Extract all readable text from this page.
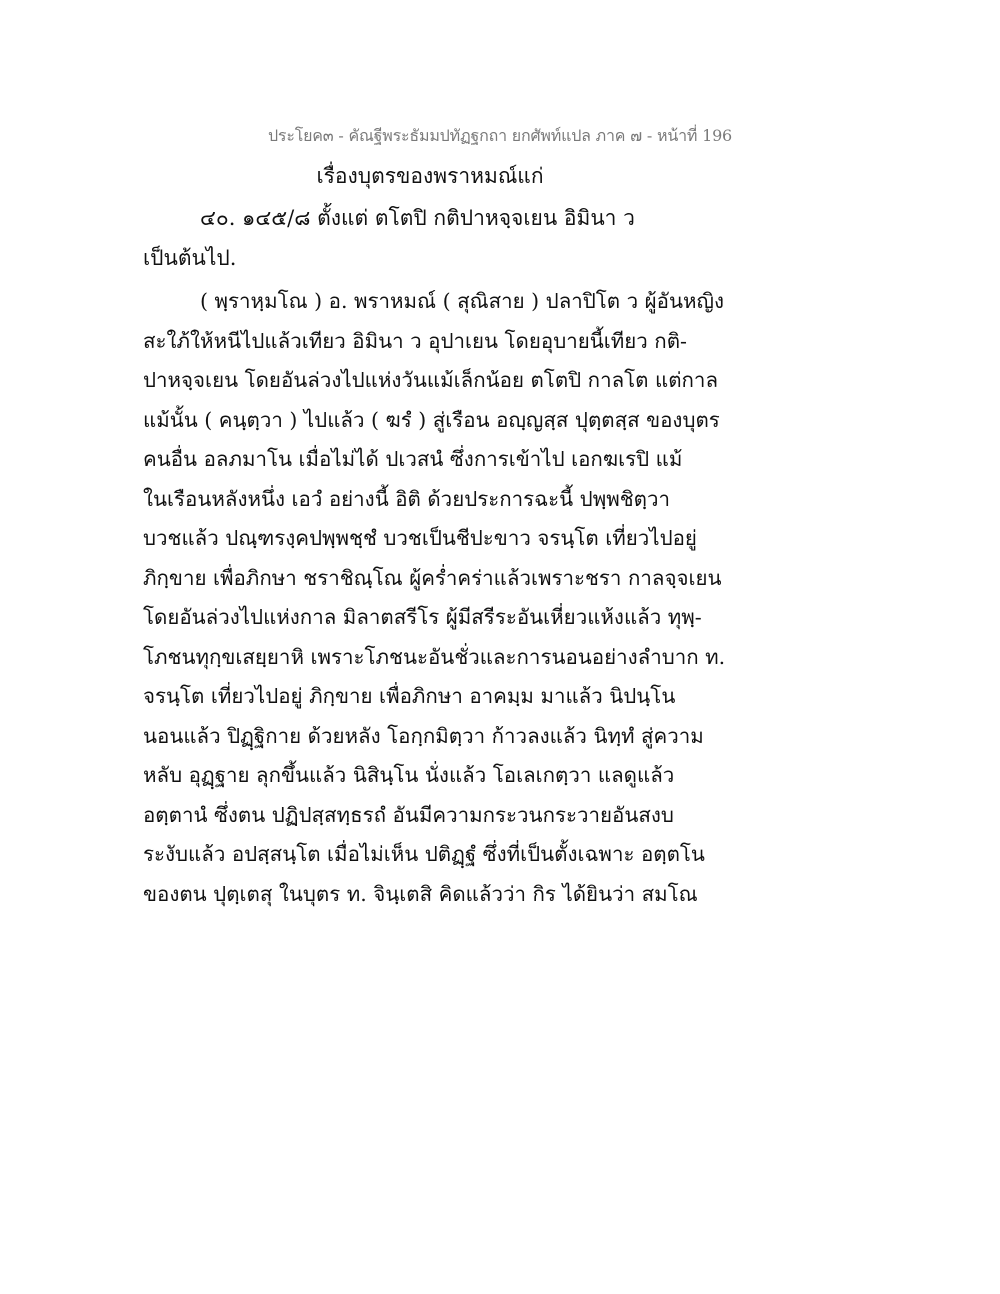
ประโยค๓ - คัณฐีพระธัมมปทัฏฐกถา ยกศัพท์แปล ภาค ๗ - หน้าที่ 196
เรื่องบุตรของพราหมณ์แก่
๔๐. ๑๔๕/๘ ตั้งแต่ ตโตปิ กติปาหจฺจเยน อิมินา ว
เป็นต้นไป.
( พฺราหฺมโณ ) อ. พราหมณ์ ( สุณิสาย ) ปลาปิโต ว ผู้อันหญิง
สะใภ้ให้หนีไปแล้วเทียว อิมินา ว อุปาเยน โดยอุบายนี้เทียว กติ-
ปาหจฺจเยน โดยอันล่วงไปแห่งวันแม้เล็กน้อย ตโตปิ กาลโต แต่กาล
แม้นั้น ( คนฺตฺวา ) ไปแล้ว ( ฆรํ ) สู่เรือน อญฺญสฺส ปุตฺตสฺส ของบุตร
คนอื่น อลภมาโน เมื่อไม่ได้ ปเวสนํ ซึ่งการเข้าไป เอกฆเรปิ แม้
ในเรือนหลังหนึ่ง เอวํ อย่างนี้ อิติ ด้วยประการฉะนี้ ปพฺพชิตฺวา
บวชแล้ว ปณฺฑรงฺคปพฺพชฺชํ บวชเป็นชีปะขาว จรนฺโต เที่ยวไปอยู่
ภิกฺขาย เพื่อภิกษา ชราชิณฺโณ ผู้คร่ำคร่าแล้วเพราะชรา กาลจฺจเยน
โดยอันล่วงไปแห่งกาล มิลาตสรีโร ผู้มีสรีระอันเหี่ยวแห้งแล้ว ทุพฺ-
โภชนทุกฺขเสยฺยาหิ เพราะโภชนะอันชั่วและการนอนอย่างลำบาก ท.
จรนฺโต เที่ยวไปอยู่ ภิกฺขาย เพื่อภิกษา อาคมฺม มาแล้ว นิปนฺโน
นอนแล้ว ปิฏฺฐิกาย ด้วยหลัง โอกฺกมิตฺวา ก้าวลงแล้ว นิทฺทํ สู่ความ
หลับ อุฏฺฐาย ลุกขึ้นแล้ว นิสินฺโน นั่งแล้ว โอเลเกตฺวา แลดูแล้ว
อตฺตานํ ซึ่งตน ปฏิปสฺสทฺธรถํ อันมีความกระวนกระวายอันสงบ
ระงับแล้ว อปสฺสนฺโต เมื่อไม่เห็น ปติฏฺฐํ ซึ่งที่เป็นตั้งเฉพาะ อตฺตโน
ของตน ปุตฺเตสุ ในบุตร ท. จินฺเตสิ คิดแล้วว่า กิร ได้ยินว่า สมโณ
